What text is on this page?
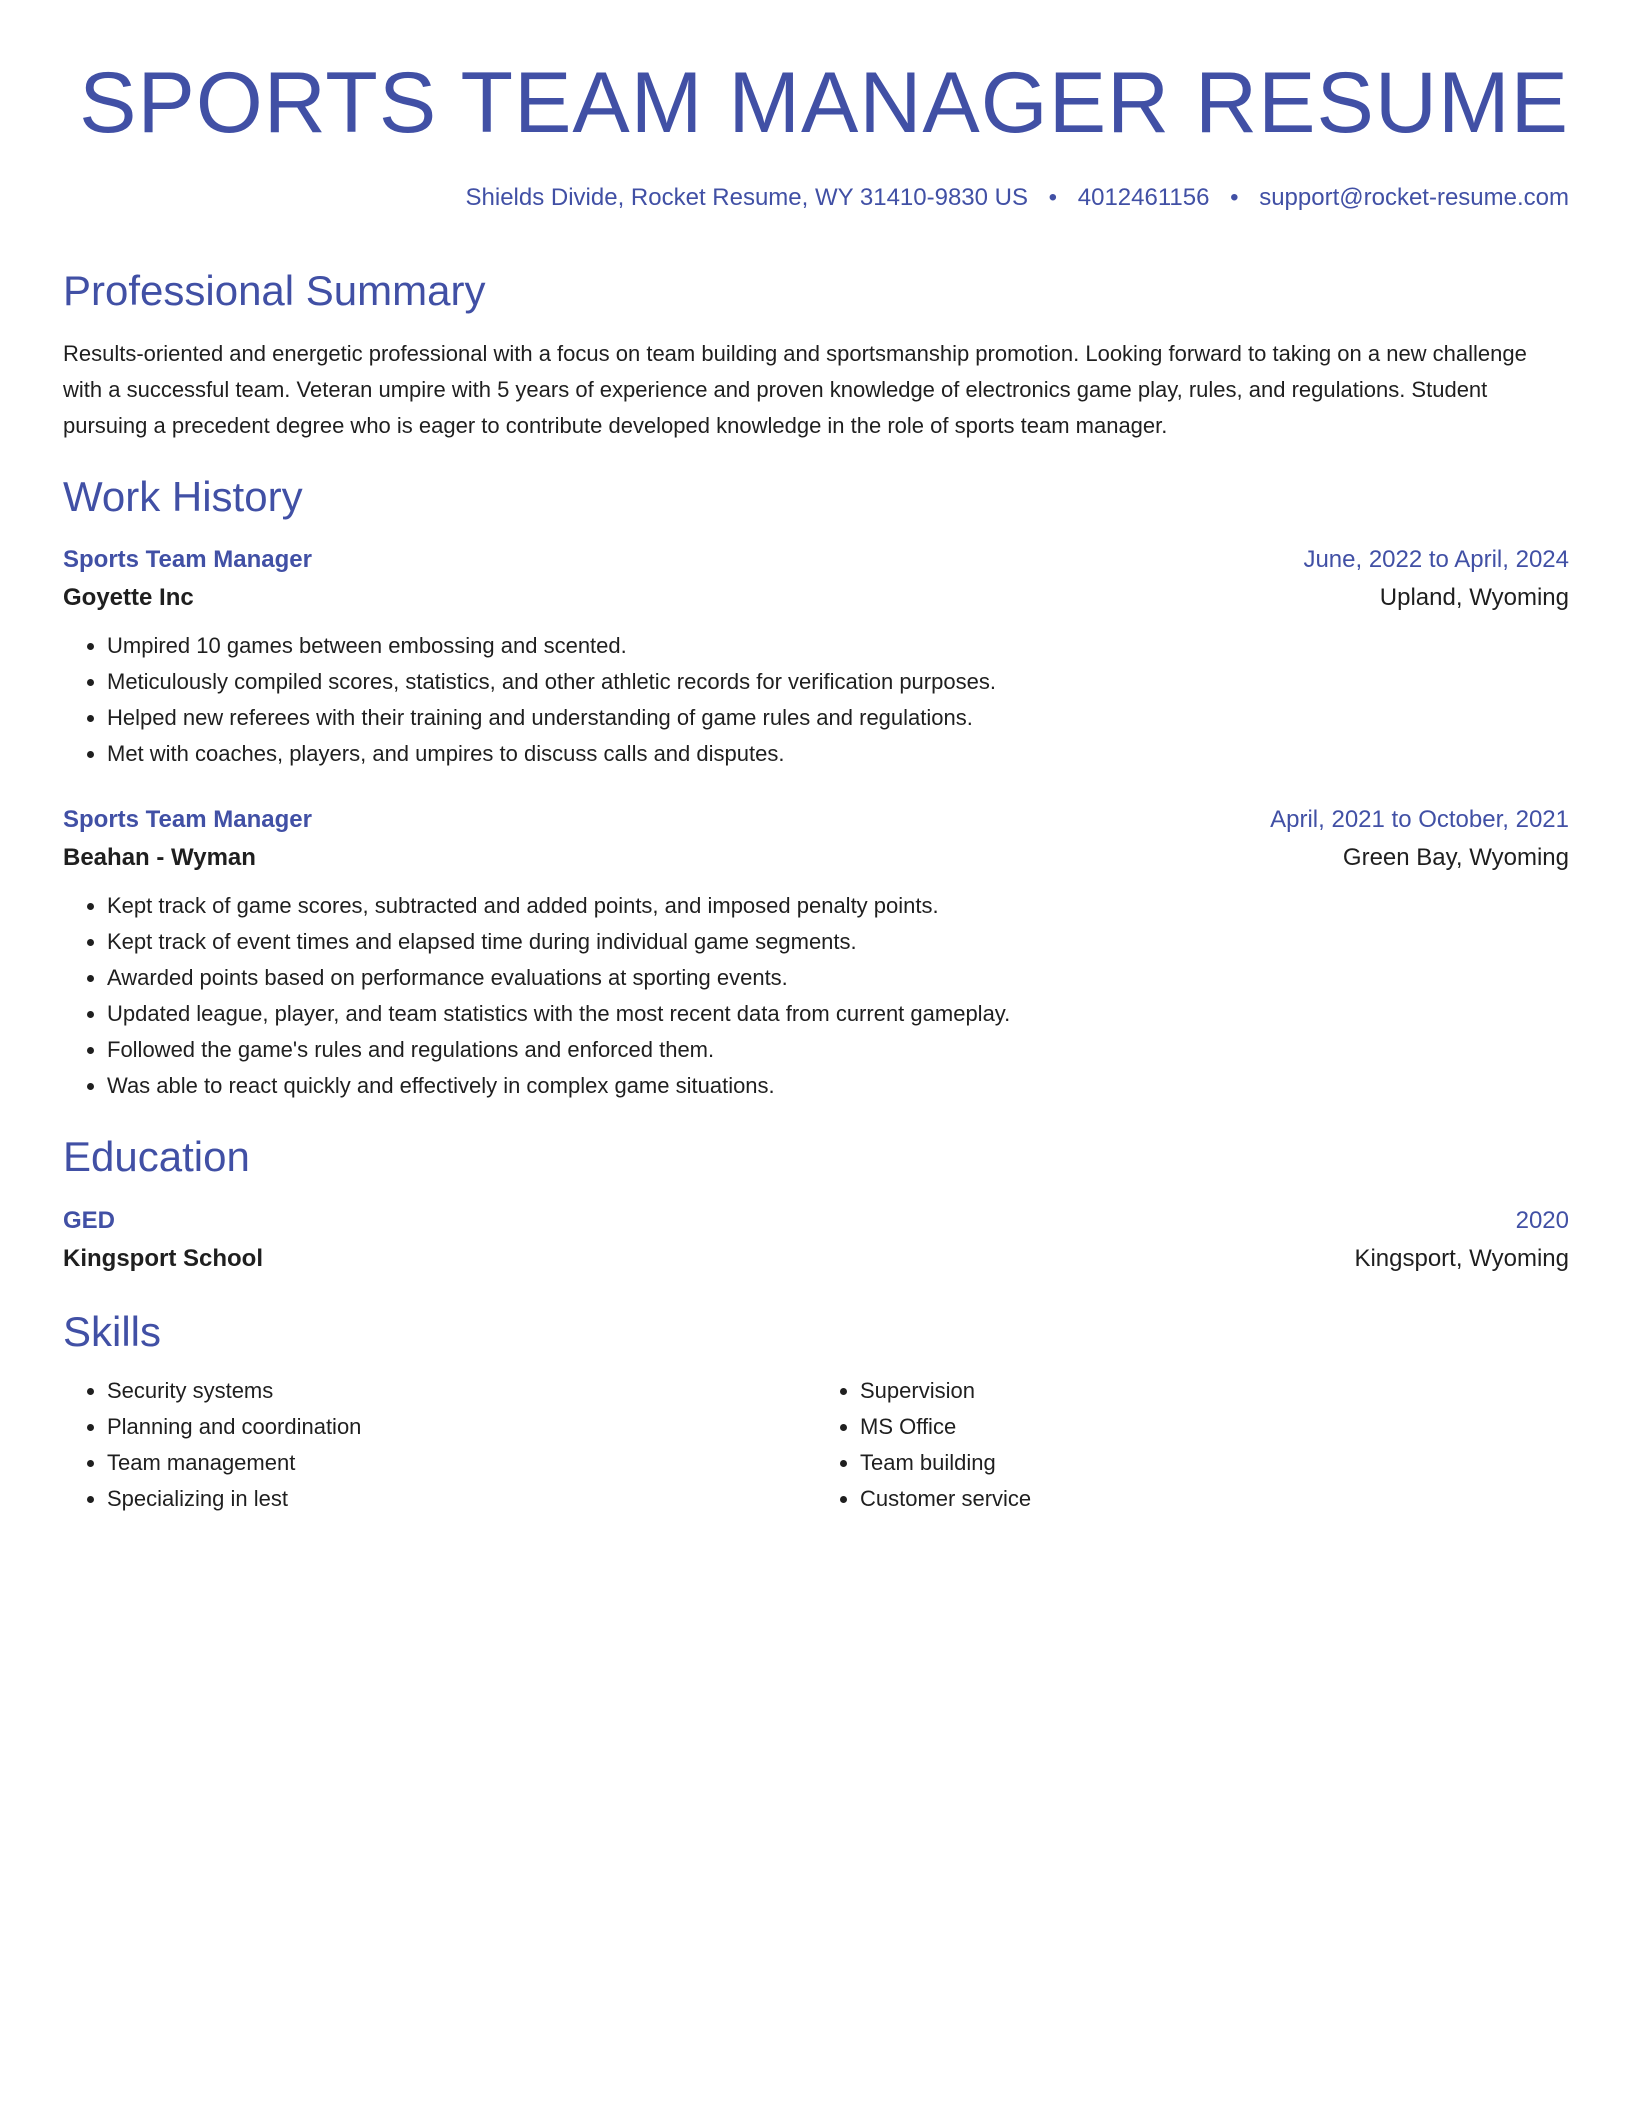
SPORTS TEAM MANAGER RESUME
Shields Divide, Rocket Resume, WY 31410-9830 US • 4012461156 • support@rocket-resume.com
Professional Summary
Results-oriented and energetic professional with a focus on team building and sportsmanship promotion. Looking forward to taking on a new challenge with a successful team. Veteran umpire with 5 years of experience and proven knowledge of electronics game play, rules, and regulations. Student pursuing a precedent degree who is eager to contribute developed knowledge in the role of sports team manager.
Work History
Sports Team Manager	June, 2022 to April, 2024
Goyette Inc	Upland, Wyoming
• Umpired 10 games between embossing and scented.
• Meticulously compiled scores, statistics, and other athletic records for verification purposes.
• Helped new referees with their training and understanding of game rules and regulations.
• Met with coaches, players, and umpires to discuss calls and disputes.
Sports Team Manager	April, 2021 to October, 2021
Beahan - Wyman	Green Bay, Wyoming
• Kept track of game scores, subtracted and added points, and imposed penalty points.
• Kept track of event times and elapsed time during individual game segments.
• Awarded points based on performance evaluations at sporting events.
• Updated league, player, and team statistics with the most recent data from current gameplay.
• Followed the game's rules and regulations and enforced them.
• Was able to react quickly and effectively in complex game situations.
Education
GED	2020
Kingsport School	Kingsport, Wyoming
Skills
• Security systems
• Planning and coordination
• Team management
• Specializing in lest
• Supervision
• MS Office
• Team building
• Customer service
